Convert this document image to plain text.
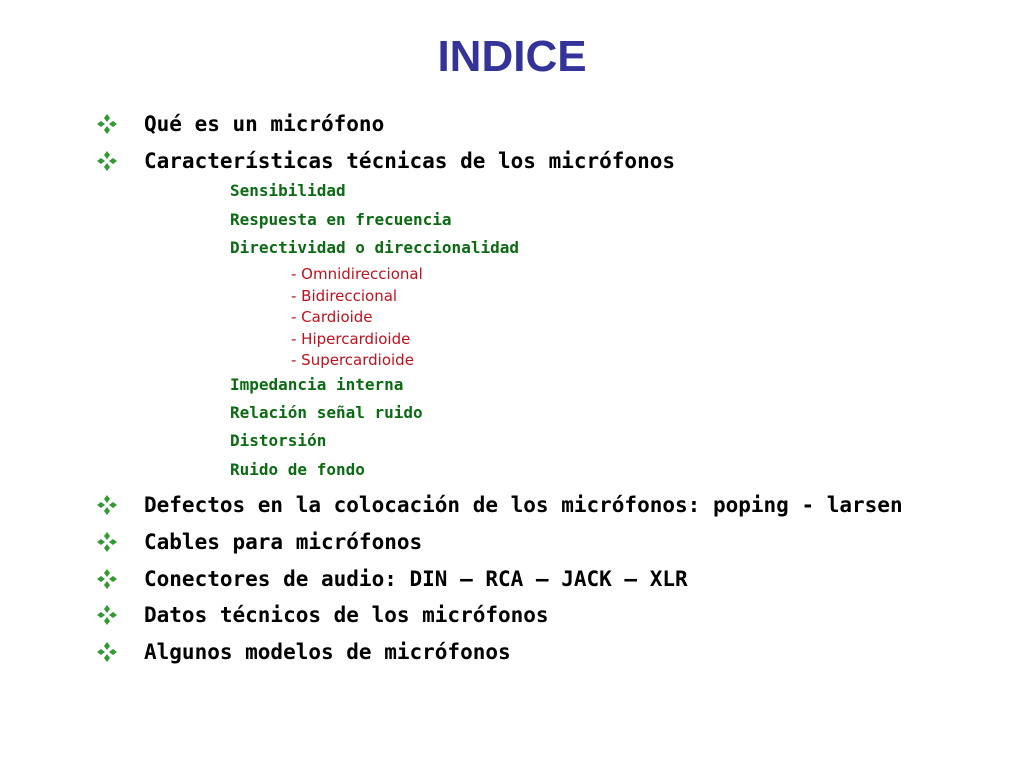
INDICE
Qué es un micrófono
Características técnicas de los micrófonos
Sensibilidad
Respuesta en frecuencia
Directividad o direccionalidad
- Omnidireccional
- Bidireccional
- Cardioide
- Hipercardioide
- Supercardioide
Impedancia interna
Relación señal ruido
Distorsión
Ruido de fondo
Defectos en la colocación de los micrófonos: poping - larsen
Cables para micrófonos
Conectores de audio: DIN – RCA – JACK – XLR
Datos técnicos de los micrófonos
Algunos modelos de micrófonos
